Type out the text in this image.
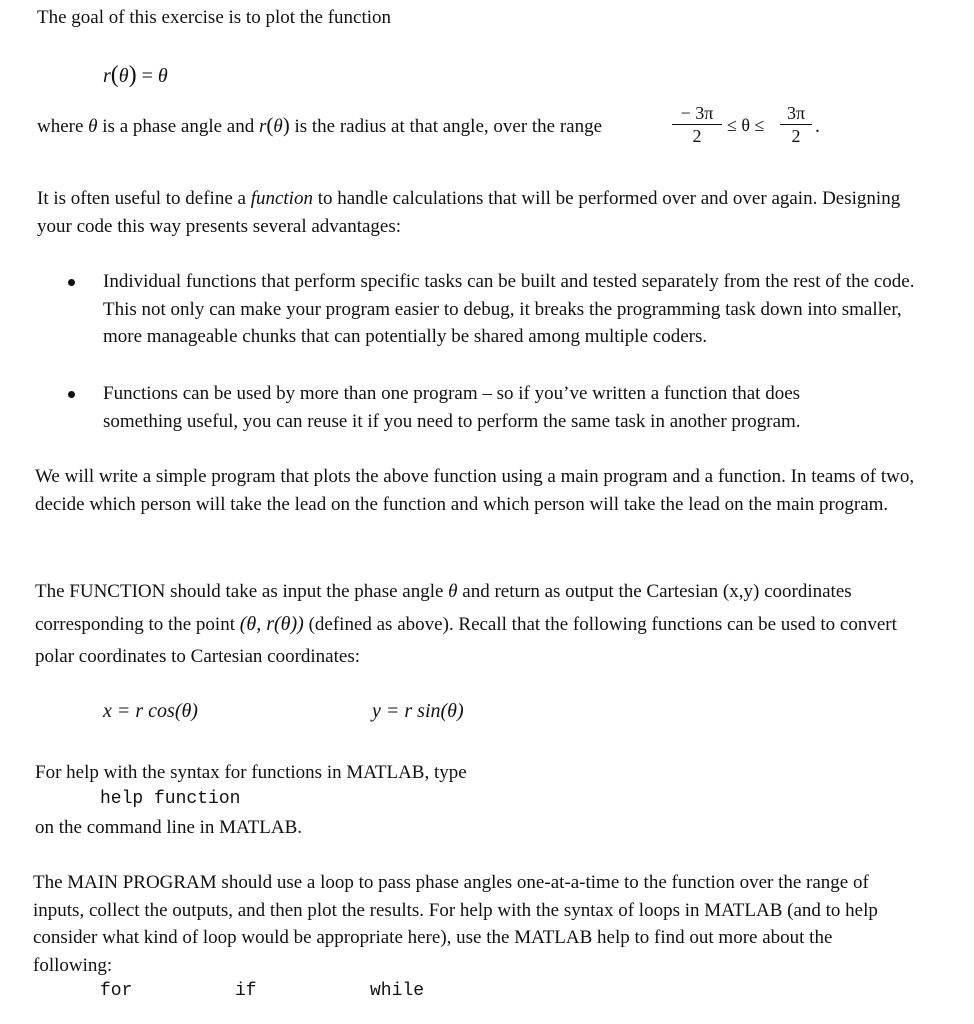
The goal of this exercise is to plot the function

r(θ) = θ
where θ is a phase angle and r(θ) is the radius at that angle, over the range
− 3π
2
≤ θ ≤
3π
2 .

It is often useful to define a function to handle calculations that will be performed over and over again. Designing your code this way presents several advantages:

Individual functions that perform specific tasks can be built and tested separately from the rest of the code. This not only can make your program easier to debug, it breaks the programming task down into smaller, more manageable chunks that can potentially be shared among multiple coders.

Functions can be used by more than one program – so if you’ve written a function that does something useful, you can reuse it if you need to perform the same task in another program.

We will write a simple program that plots the above function using a main program and a function. In teams of two, decide which person will take the lead on the function and which person will take the lead on the main program.

The FUNCTION should take as input the phase angle θ and return as output the Cartesian (x,y) coordinates corresponding to the point (θ, r(θ)) (defined as above). Recall that the following functions can be used to convert polar coordinates to Cartesian coordinates:

x = r cos(θ)	y = r sin(θ)

For help with the syntax for functions in MATLAB, type

help function

on the command line in MATLAB.

The MAIN PROGRAM should use a loop to pass phase angles one-at-a-time to the function over the range of inputs, collect the outputs, and then plot the results. For help with the syntax of loops in MATLAB (and to help consider what kind of loop would be appropriate here), use the MATLAB help to find out more about the following:

for	if	while
